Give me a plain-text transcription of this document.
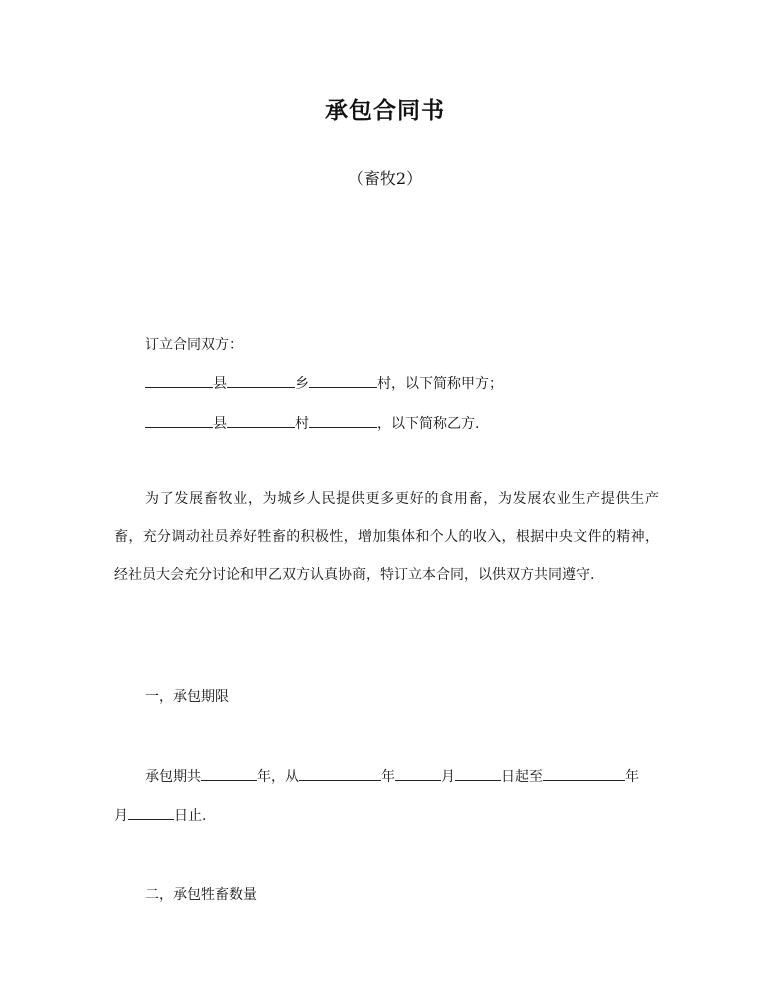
承包合同书
（畜牧2）
订立合同双方：
县	乡	村，以下简称甲方；
县	村	，以下简称乙方.
为了发展畜牧业，为城乡人民提供更多更好的食用畜，为发展农业生产提供生产畜，充分调动社员养好牲畜的积极性，增加集体和个人的收入，根据中央文件的精神，经社员大会充分讨论和甲乙双方认真协商，特订立本合同，以供双方共同遵守.
一，承包期限
承包期共	年，从	年	月	日起至	年
月	日止.
二，承包牲畜数量
